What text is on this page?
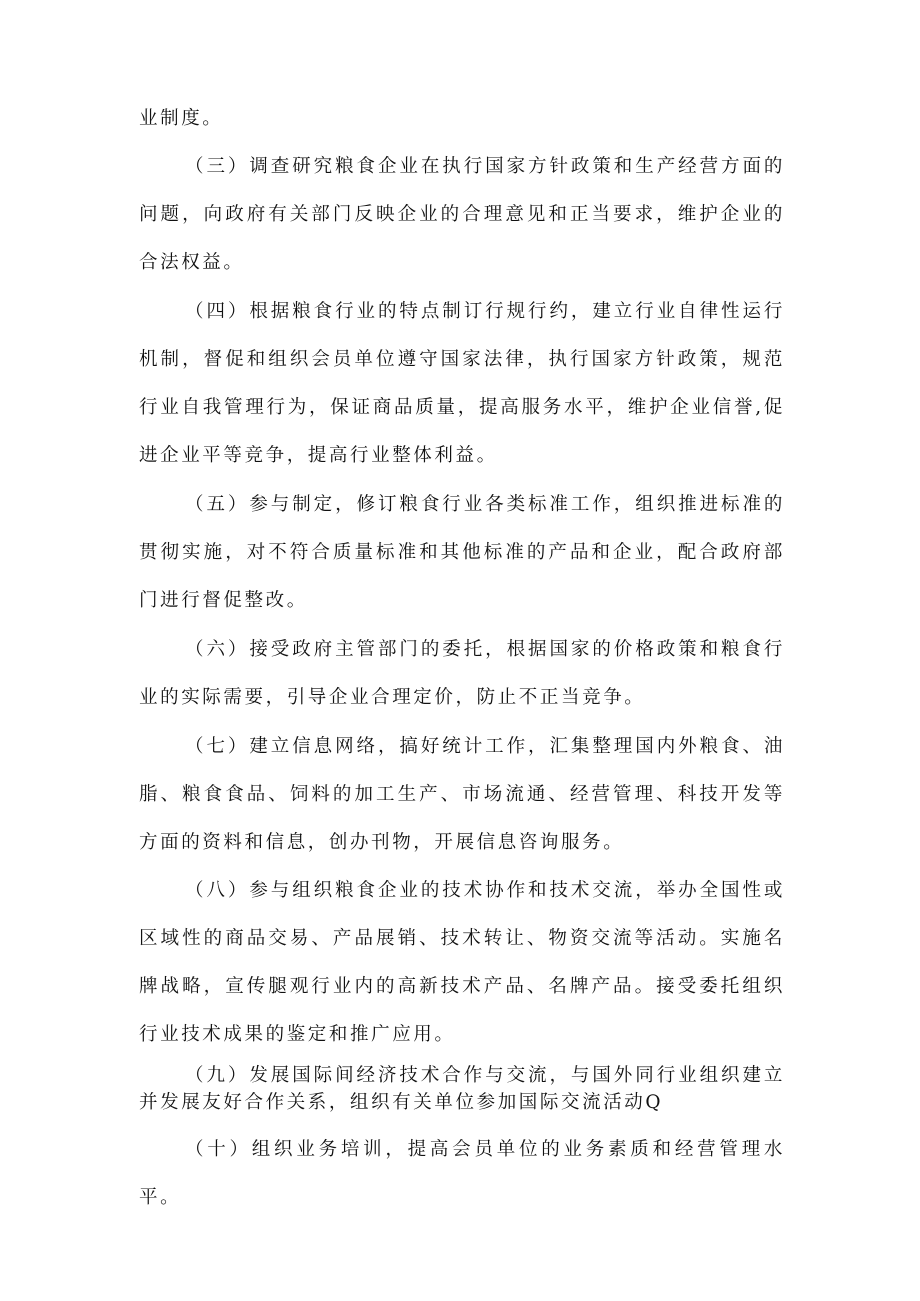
业制度。

（三）调查研究粮食企业在执行国家方针政策和生产经营方面的问题，向政府有关部门反映企业的合理意见和正当要求，维护企业的合法权益。

（四）根据粮食行业的特点制订行规行约，建立行业自律性运行机制，督促和组织会员单位遵守国家法律，执行国家方针政策，规范行业自我管理行为，保证商品质量，提高服务水平，维护企业信誉,促进企业平等竞争，提高行业整体利益。

（五）参与制定，修订粮食行业各类标准工作，组织推进标准的贯彻实施，对不符合质量标准和其他标准的产品和企业，配合政府部门进行督促整改。

（六）接受政府主管部门的委托，根据国家的价格政策和粮食行业的实际需要，引导企业合理定价，防止不正当竞争。

（七）建立信息网络，搞好统计工作，汇集整理国内外粮食、油脂、粮食食品、饲料的加工生产、市场流通、经营管理、科技开发等方面的资料和信息，创办刊物，开展信息咨询服务。

（八）参与组织粮食企业的技术协作和技术交流，举办全国性或区域性的商品交易、产品展销、技术转让、物资交流等活动。实施名牌战略，宣传腿观行业内的高新技术产品、名牌产品。接受委托组织行业技术成果的鉴定和推广应用。

（九）发展国际间经济技术合作与交流，与国外同行业组织建立并发展友好合作关系，组织有关单位参加国际交流活动Q

（十）组织业务培训，提高会员单位的业务素质和经营管理水平。
